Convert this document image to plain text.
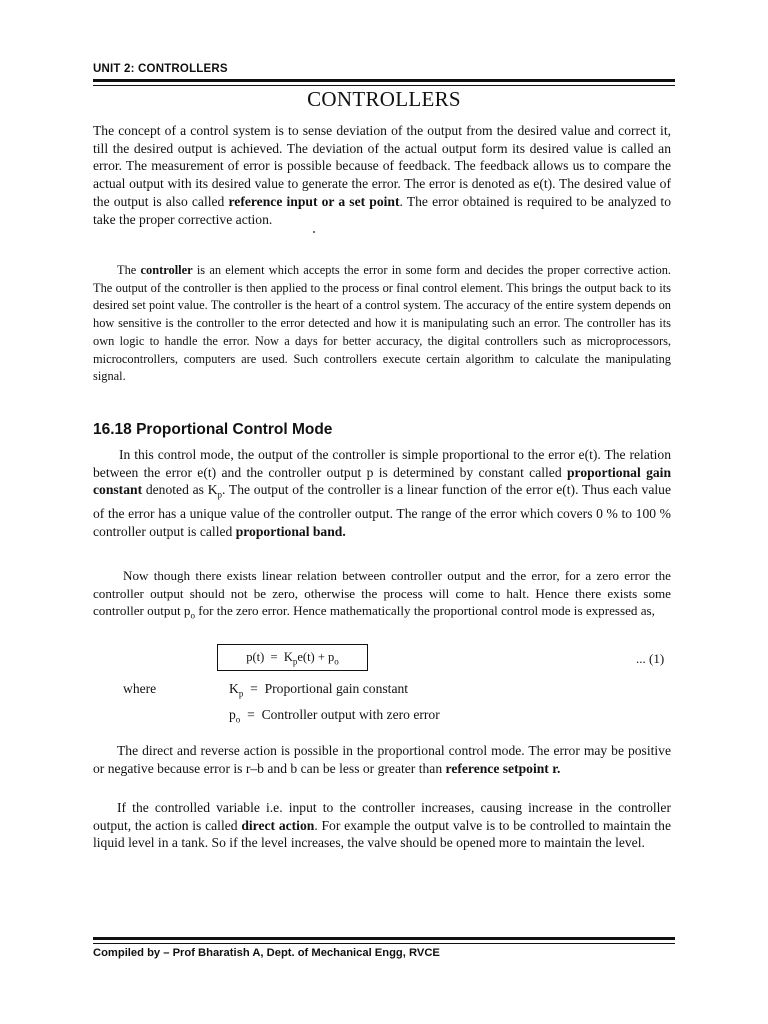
UNIT 2: CONTROLLERS
CONTROLLERS

The concept of a control system is to sense deviation of the output from the desired value and correct it, till the desired output is achieved. The deviation of the actual output form its desired value is called an error. The measurement of error is possible because of feedback. The feedback allows us to compare the actual output with its desired value to generate the error. The error is denoted as e(t). The desired value of the output is also called reference input or a set point. The error obtained is required to be analyzed to take the proper corrective action.

The controller is an element which accepts the error in some form and decides the proper corrective action. The output of the controller is then applied to the process or final control element. This brings the output back to its desired set point value. The controller is the heart of a control system. The accuracy of the entire system depends on how sensitive is the controller to the error detected and how it is manipulating such an error. The controller has its own logic to handle the error. Now a days for better accuracy, the digital controllers such as microprocessors, microcontrollers, computers are used. Such controllers execute certain algorithm to calculate the manipulating signal.

16.18 Proportional Control Mode

In this control mode, the output of the controller is simple proportional to the error e(t). The relation between the error e(t) and the controller output p is determined by constant called proportional gain constant denoted as $K_p$. The output of the controller is a linear function of the error e(t). Thus each value of the error has a unique value of the controller output. The range of the error which covers 0 % to 100 % controller output is called proportional band.

Now though there exists linear relation between controller output and the error, for a zero error the controller output should not be zero, otherwise the process will come to halt. Hence there exists some controller output $p_o$ for the zero error. Hence mathematically the proportional control mode is expressed as,

$p(t) = K_pe(t) + p_o$	... (1)
where	$K_p$ = Proportional gain constant
$p_o$ = Controller output with zero error

The direct and reverse action is possible in the proportional control mode. The error may be positive or negative because error is r–b and b can be less or greater than reference setpoint r.

If the controlled variable i.e. input to the controller increases, causing increase in the controller output, the action is called direct action. For example the output valve is to be controlled to maintain the liquid level in a tank. So if the level increases, the valve should be opened more to maintain the level.

Compiled by – Prof Bharatish A, Dept. of Mechanical Engg, RVCE
